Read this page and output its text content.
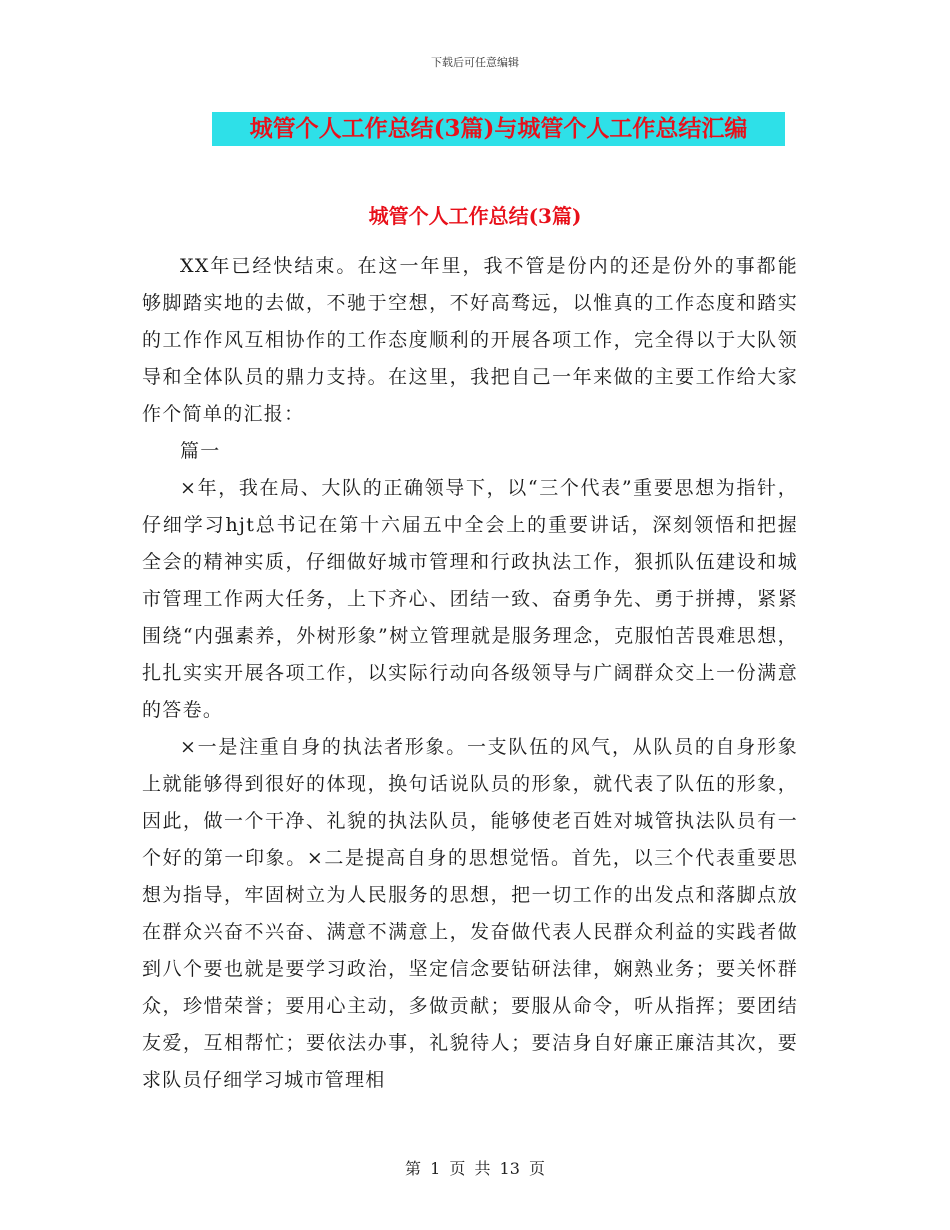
下载后可任意编辑
城管个人工作总结(3篇)与城管个人工作总结汇编
城管个人工作总结(3篇)

XX年已经快结束。在这一年里，我不管是份内的还是份外的事都能够脚踏实地的去做，不驰于空想，不好高骛远，以惟真的工作态度和踏实的工作作风互相协作的工作态度顺利的开展各项工作，完全得以于大队领导和全体队员的鼎力支持。在这里，我把自己一年来做的主要工作给大家作个简单的汇报：

篇一

×年，我在局、大队的正确领导下，以“三个代表”重要思想为指针，仔细学习hjt总书记在第十六届五中全会上的重要讲话，深刻领悟和把握全会的精神实质，仔细做好城市管理和行政执法工作，狠抓队伍建设和城市管理工作两大任务，上下齐心、团结一致、奋勇争先、勇于拼搏，紧紧围绕“内强素养，外树形象”树立管理就是服务理念，克服怕苦畏难思想，扎扎实实开展各项工作，以实际行动向各级领导与广阔群众交上一份满意的答卷。

×一是注重自身的执法者形象。一支队伍的风气，从队员的自身形象上就能够得到很好的体现，换句话说队员的形象，就代表了队伍的形象，因此，做一个干净、礼貌的执法队员，能够使老百姓对城管执法队员有一个好的第一印象。×二是提高自身的思想觉悟。首先，以三个代表重要思想为指导，牢固树立为人民服务的思想，把一切工作的出发点和落脚点放在群众兴奋不兴奋、满意不满意上，发奋做代表人民群众利益的实践者做到八个要也就是要学习政治，坚定信念要钻研法律，娴熟业务；要关怀群众，珍惜荣誉；要用心主动，多做贡献；要服从命令，听从指挥；要团结友爱，互相帮忙；要依法办事，礼貌待人；要洁身自好廉正廉洁其次，要求队员仔细学习城市管理相

第 1 页 共 13 页
